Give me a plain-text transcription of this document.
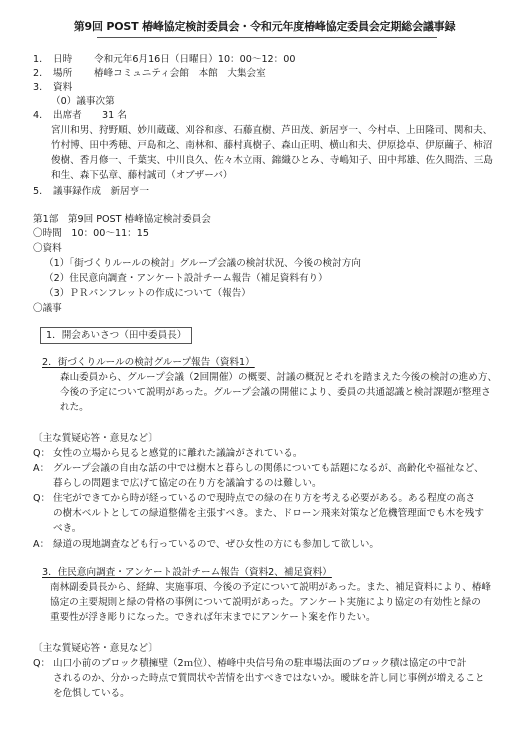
第9回 POST 椿峰協定検討委員会・令和元年度椿峰協定委員会定期総会議事録
1. 日時 令和元年6月16日（日曜日）10：00～12：00
2. 場所 椿峰コミュニティ会館　本館　大集会室
3. 資料
（0）議事次第
4. 出席者 31 名
宮川和男、狩野順、妙川蔵蔵、刈谷和彦、石藤直樹、芦田茂、新居亨一、今村卓、上田隆司、関和夫、
竹村博、田中秀穂、戸島和之、南林和、藤村真樹子、森山正明、横山和夫、伊原捻卓、伊原繭子、柿沼
俊樹、香月修一、千葉実、中川良久、佐々木立雨、錦織ひとみ、寺嶋知子、田中邦雄、佐久間浩、三島
和生、森下弘章、藤村誠司（オブザーバ）
5. 議事録作成　新居亨一
第1部　第9回 POST 椿峰協定検討委員会
〇時間　10：00～11：15
〇資料
（1）「街づくりルールの検討」グループ会議の検討状況、今後の検討方向
（2）住民意向調査・アンケート設計チーム報告（補足資料有り）
（3）ＰＲパンフレットの作成について（報告）
〇議事
1．開会あいさつ（田中委員長）
2．街づくりルールの検討グループ報告（資料1）
森山委員から、グループ会議（2回開催）の概要、討議の概況とそれを踏まえた今後の検討の進め方、
今後の予定について説明があった。グループ会議の開催により、委員の共通認識と検討課題が整理さ
れた。
〔主な質疑応答・意見など〕
Q： 女性の立場から見ると感覚的に離れた議論がされている。
A： グループ会議の自由な話の中では樹木と暮らしの関係についても話題になるが、高齢化や福祉など、
暮らしの問題まで広げて協定の在り方を議論するのは難しい。
Q： 住宅ができてから時が経っているので現時点での緑の在り方を考える必要がある。ある程度の高さ
の樹木ベルトとしての緑道整備を主張すべき。また、ドローン飛来対策など危機管理面でも木を残す
べき。
A： 緑道の現地調査なども行っているので、ぜひ女性の方にも参加して欲しい。
3．住民意向調査・アンケート設計チーム報告（資料2、補足資料）
南林副委員長から、経緯、実施事項、今後の予定について説明があった。また、補足資料により、椿峰
協定の主要規則と緑の骨格の事例について説明があった。アンケート実施により協定の有効性と緑の
重要性が浮き彫りになった。できれば年末までにアンケート案を作りたい。
〔主な質疑応答・意見など〕
Q： 山口小前のブロック積擁壁（2ｍ位）、椿峰中央信号角の駐車場法面のブロック積は協定の中で計
されるのか、分かった時点で質問状や苦情を出すべきではないか。曖昧を許し同じ事例が増えること
を危惧している。
